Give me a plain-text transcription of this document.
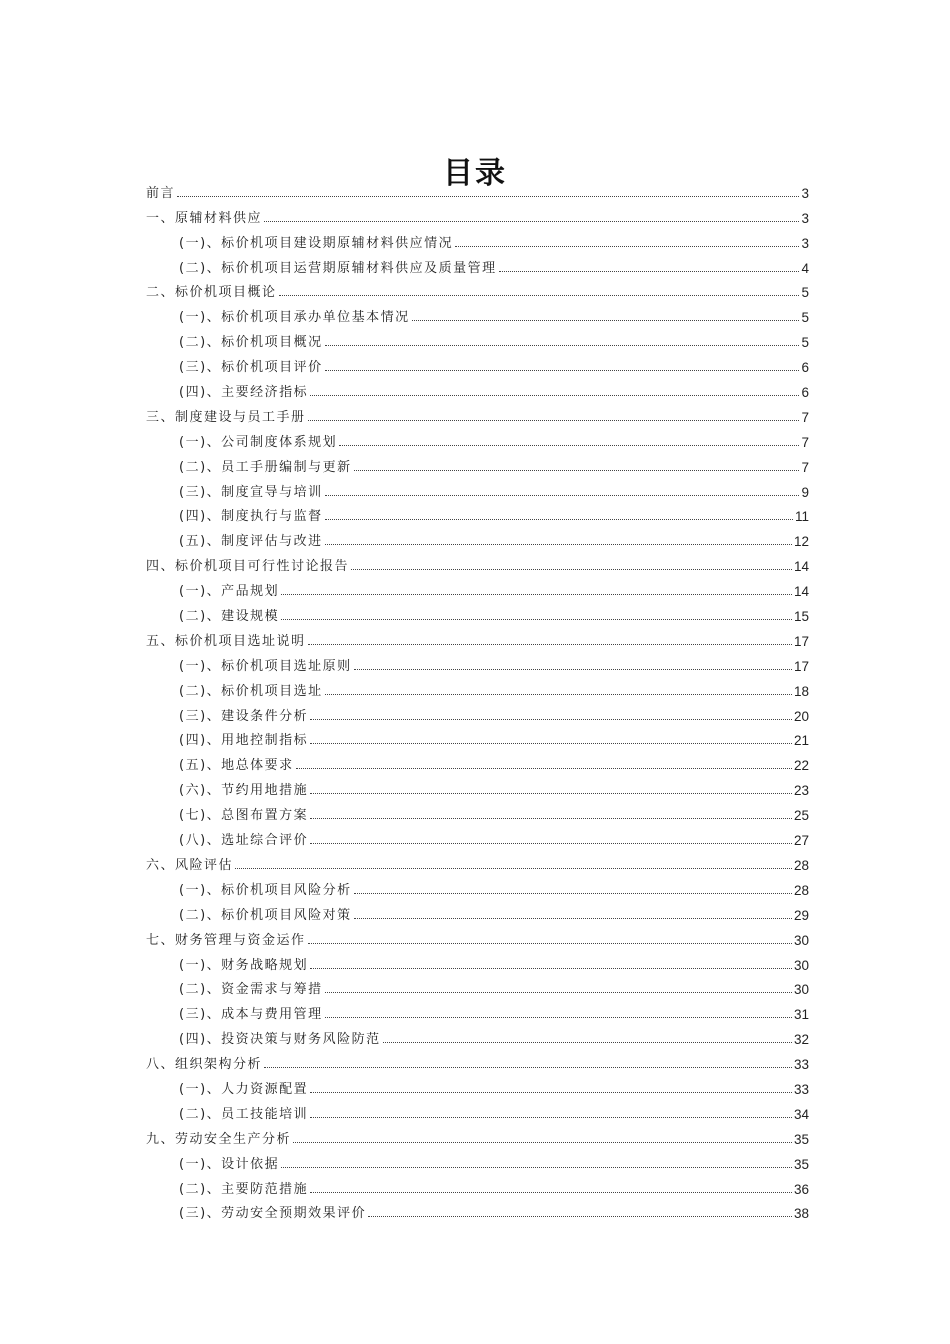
目录
前言	3
一、原辅材料供应	3
(一)、标价机项目建设期原辅材料供应情况	3
(二)、标价机项目运营期原辅材料供应及质量管理	4
二、标价机项目概论	5
(一)、标价机项目承办单位基本情况	5
(二)、标价机项目概况	5
(三)、标价机项目评价	6
(四)、主要经济指标	6
三、制度建设与员工手册	7
(一)、公司制度体系规划	7
(二)、员工手册编制与更新	7
(三)、制度宣导与培训	9
(四)、制度执行与监督	11
(五)、制度评估与改进	12
四、标价机项目可行性讨论报告	14
(一)、产品规划	14
(二)、建设规模	15
五、标价机项目选址说明	17
(一)、标价机项目选址原则	17
(二)、标价机项目选址	18
(三)、建设条件分析	20
(四)、用地控制指标	21
(五)、地总体要求	22
(六)、节约用地措施	23
(七)、总图布置方案	25
(八)、选址综合评价	27
六、风险评估	28
(一)、标价机项目风险分析	28
(二)、标价机项目风险对策	29
七、财务管理与资金运作	30
(一)、财务战略规划	30
(二)、资金需求与筹措	30
(三)、成本与费用管理	31
(四)、投资决策与财务风险防范	32
八、组织架构分析	33
(一)、人力资源配置	33
(二)、员工技能培训	34
九、劳动安全生产分析	35
(一)、设计依据	35
(二)、主要防范措施	36
(三)、劳动安全预期效果评价	38
